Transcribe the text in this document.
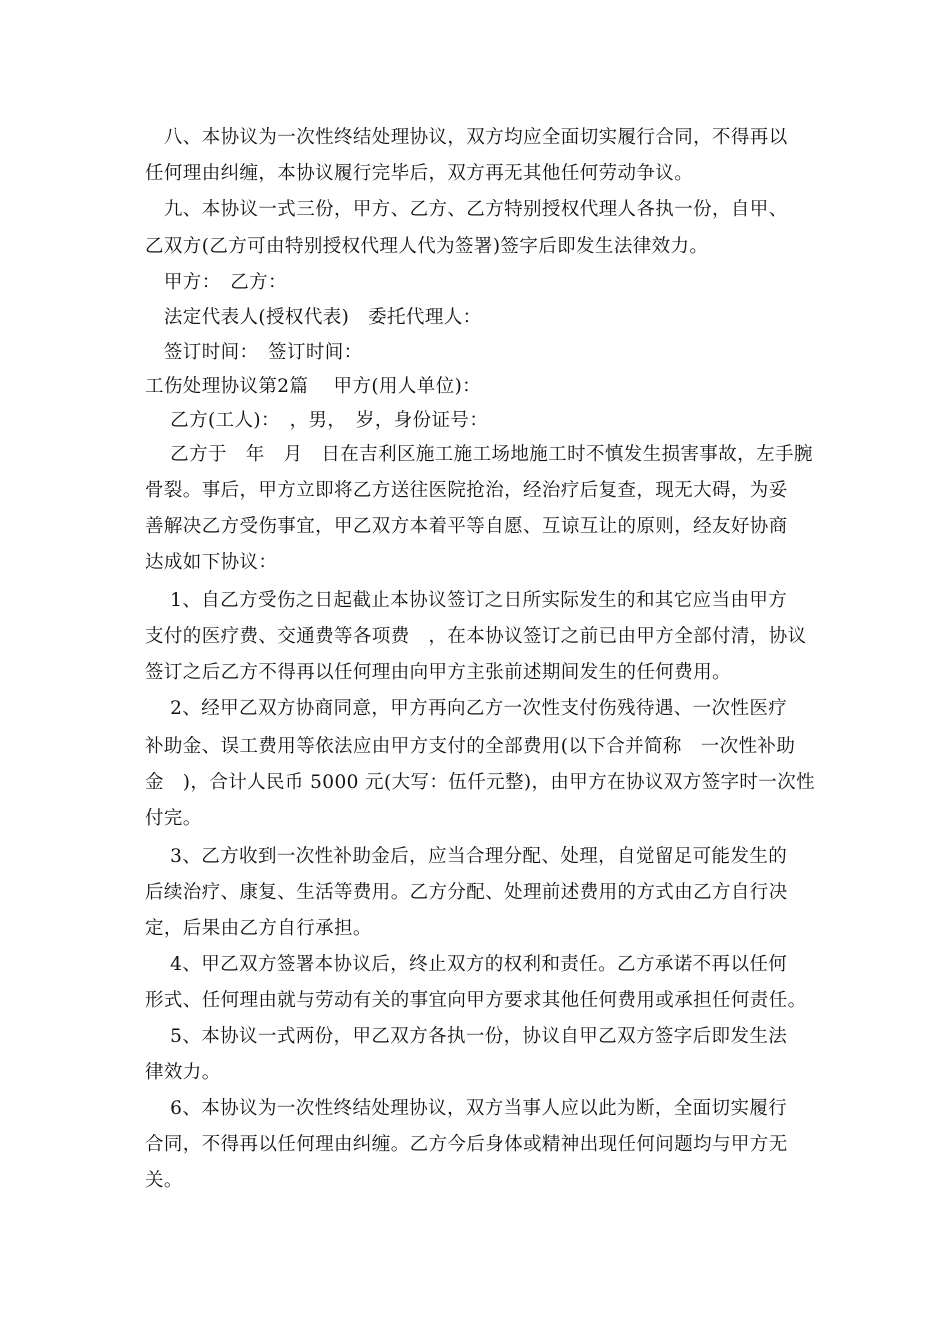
　八、本协议为一次性终结处理协议，双方均应全面切实履行合同，不得再以
任何理由纠缠，本协议履行完毕后，双方再无其他任何劳动争议。
　九、本协议一式三份，甲方、乙方、乙方特别授权代理人各执一份，自甲、
乙双方(乙方可由特别授权代理人代为签署)签字后即发生法律效力。
　甲方：　乙方：
　法定代表人(授权代表)　委托代理人：
　签订时间：　签订时间：
工伤处理协议第2篇　 甲方(用人单位)：
　 乙方(工人)：　，男，　岁，身份证号：
　 乙方于　年　月　日在吉利区施工施工场地施工时不慎发生损害事故，左手腕
骨裂。事后，甲方立即将乙方送往医院抢治，经治疗后复查，现无大碍，为妥
善解决乙方受伤事宜，甲乙双方本着平等自愿、互谅互让的原则，经友好协商
达成如下协议：
　 1、自乙方受伤之日起截止本协议签订之日所实际发生的和其它应当由甲方
支付的医疗费、交通费等各项费　，在本协议签订之前已由甲方全部付清，协议
签订之后乙方不得再以任何理由向甲方主张前述期间发生的任何费用。
　 2、经甲乙双方协商同意，甲方再向乙方一次性支付伤残待遇、一次性医疗
补助金、误工费用等依法应由甲方支付的全部费用(以下合并简称　一次性补助
金　)，合计人民币 5000 元(大写：伍仟元整)，由甲方在协议双方签字时一次性
付完。
　 3、乙方收到一次性补助金后，应当合理分配、处理，自觉留足可能发生的
后续治疗、康复、生活等费用。乙方分配、处理前述费用的方式由乙方自行决
定，后果由乙方自行承担。
　 4、甲乙双方签署本协议后，终止双方的权利和责任。乙方承诺不再以任何
形式、任何理由就与劳动有关的事宜向甲方要求其他任何费用或承担任何责任。
　 5、本协议一式两份，甲乙双方各执一份，协议自甲乙双方签字后即发生法
律效力。
　 6、本协议为一次性终结处理协议，双方当事人应以此为断，全面切实履行
合同，不得再以任何理由纠缠。乙方今后身体或精神出现任何问题均与甲方无
关。
